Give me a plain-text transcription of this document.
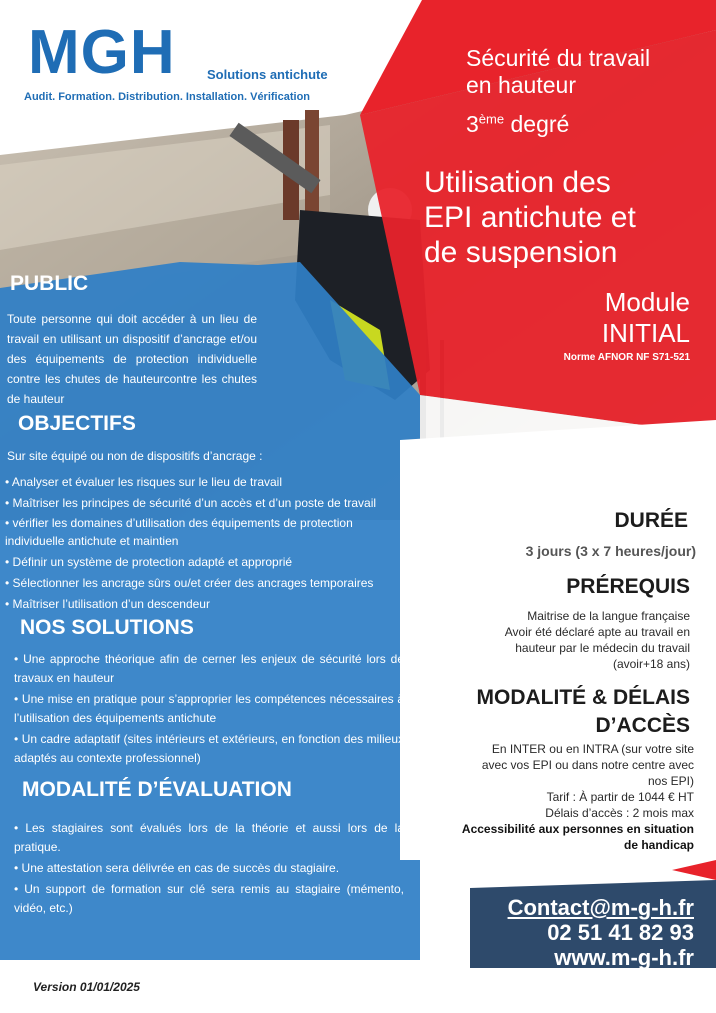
MGH Solutions antichute
Audit. Formation. Distribution. Installation. Vérification
Sécurité du travail
en hauteur
3ème degré
Utilisation des
EPI antichute et
de suspension
Module
INITIAL
Norme AFNOR NF S71-521
PUBLIC
Toute personne qui doit accéder à un lieu de travail en utilisant un dispositif d’ancrage et/ou des équipements de protection individuelle contre les chutes de hauteurcontre les chutes de hauteur
OBJECTIFS
Sur site équipé ou non de dispositifs d’ancrage :
• Analyser et évaluer les risques sur le lieu de travail
• Maîtriser les principes de sécurité d’un accès et d’un poste de travail
• vérifier les domaines d’utilisation des équipements de protection individuelle antichute et maintien
• Définir un système de protection adapté et approprié
• Sélectionner les ancrage sûrs ou/et créer des ancrages temporaires
• Maîtriser l’utilisation d’un descendeur
NOS SOLUTIONS
• Une approche théorique afin de cerner les enjeux de sécurité lors de travaux en hauteur
• Une mise en pratique pour s’approprier les compétences nécessaires à l’utilisation des équipements antichute
• Un cadre adaptatif (sites intérieurs et extérieurs, en fonction des milieux adaptés au contexte professionnel)
MODALITÉ D’ÉVALUATION
• Les stagiaires sont évalués lors de la théorie et aussi lors de la pratique.
• Une attestation sera délivrée en cas de succès du stagiaire.
• Un support de formation sur clé sera remis au stagiaire (mémento, vidéo, etc.)
DURÉE
3 jours (3 x 7 heures/jour)
PRÉREQUIS
Maitrise de la langue française
Avoir été déclaré apte au travail en
hauteur par le médecin du travail
(avoir+18 ans)
MODALITÉ & DÉLAIS
D’ACCÈS
En INTER ou en INTRA (sur votre site
avec vos EPI ou dans notre centre avec
nos EPI)
Tarif : À partir de 1044 € HT
Délais d’accès : 2 mois max
Accessibilité aux personnes en situation
de handicap
Contact@m-g-h.fr
02 51 41 82 93
www.m-g-h.fr
Version 01/01/2025
